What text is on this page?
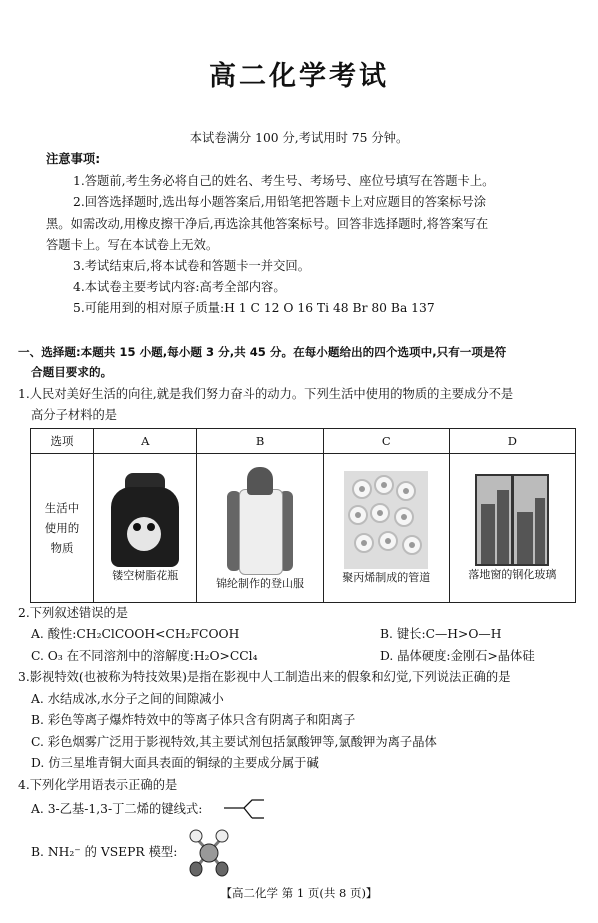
高二化学考试
本试卷满分 100 分,考试用时 75 分钟。
注意事项:
1.答题前,考生务必将自己的姓名、考生号、考场号、座位号填写在答题卡上。
2.回答选择题时,选出每小题答案后,用铅笔把答题卡上对应题目的答案标号涂
黑。如需改动,用橡皮擦干净后,再选涂其他答案标号。回答非选择题时,将答案写在
答题卡上。写在本试卷上无效。
3.考试结束后,将本试卷和答题卡一并交回。
4.本试卷主要考试内容:高考全部内容。
5.可能用到的相对原子质量:H 1 C 12 O 16 Ti 48 Br 80 Ba 137
一、选择题:本题共 15 小题,每小题 3 分,共 45 分。在每小题给出的四个选项中,只有一项是符
合题目要求的。
1.人民对美好生活的向往,就是我们努力奋斗的动力。下列生活中使用的物质的主要成分不是
高分子材料的是
选项	A	B	C	D

生活中
使用的
物质	镂空树脂花瓶	锦纶制作的登山服	聚丙烯制成的管道	落地窗的钢化玻璃
2.下列叙述错误的是
A. 酸性:CH₂ClCOOH<CH₂FCOOH	B. 键长:C—H>O—H
C. O₃ 在不同溶剂中的溶解度:H₂O>CCl₄	D. 晶体硬度:金刚石>晶体硅
3.影视特效(也被称为特技效果)是指在影视中人工制造出来的假象和幻觉,下列说法正确的是
A. 水结成冰,水分子之间的间隙减小
B. 彩色等离子爆炸特效中的等离子体只含有阴离子和阳离子
C. 彩色烟雾广泛用于影视特效,其主要试剂包括氯酸钾等,氯酸钾为离子晶体
D. 仿三星堆青铜大面具表面的铜绿的主要成分属于碱
4.下列化学用语表示正确的是
A. 3-乙基-1,3-丁二烯的键线式:
B. NH₂⁻ 的 VSEPR 模型:
【高二化学 第 1 页(共 8 页)】
